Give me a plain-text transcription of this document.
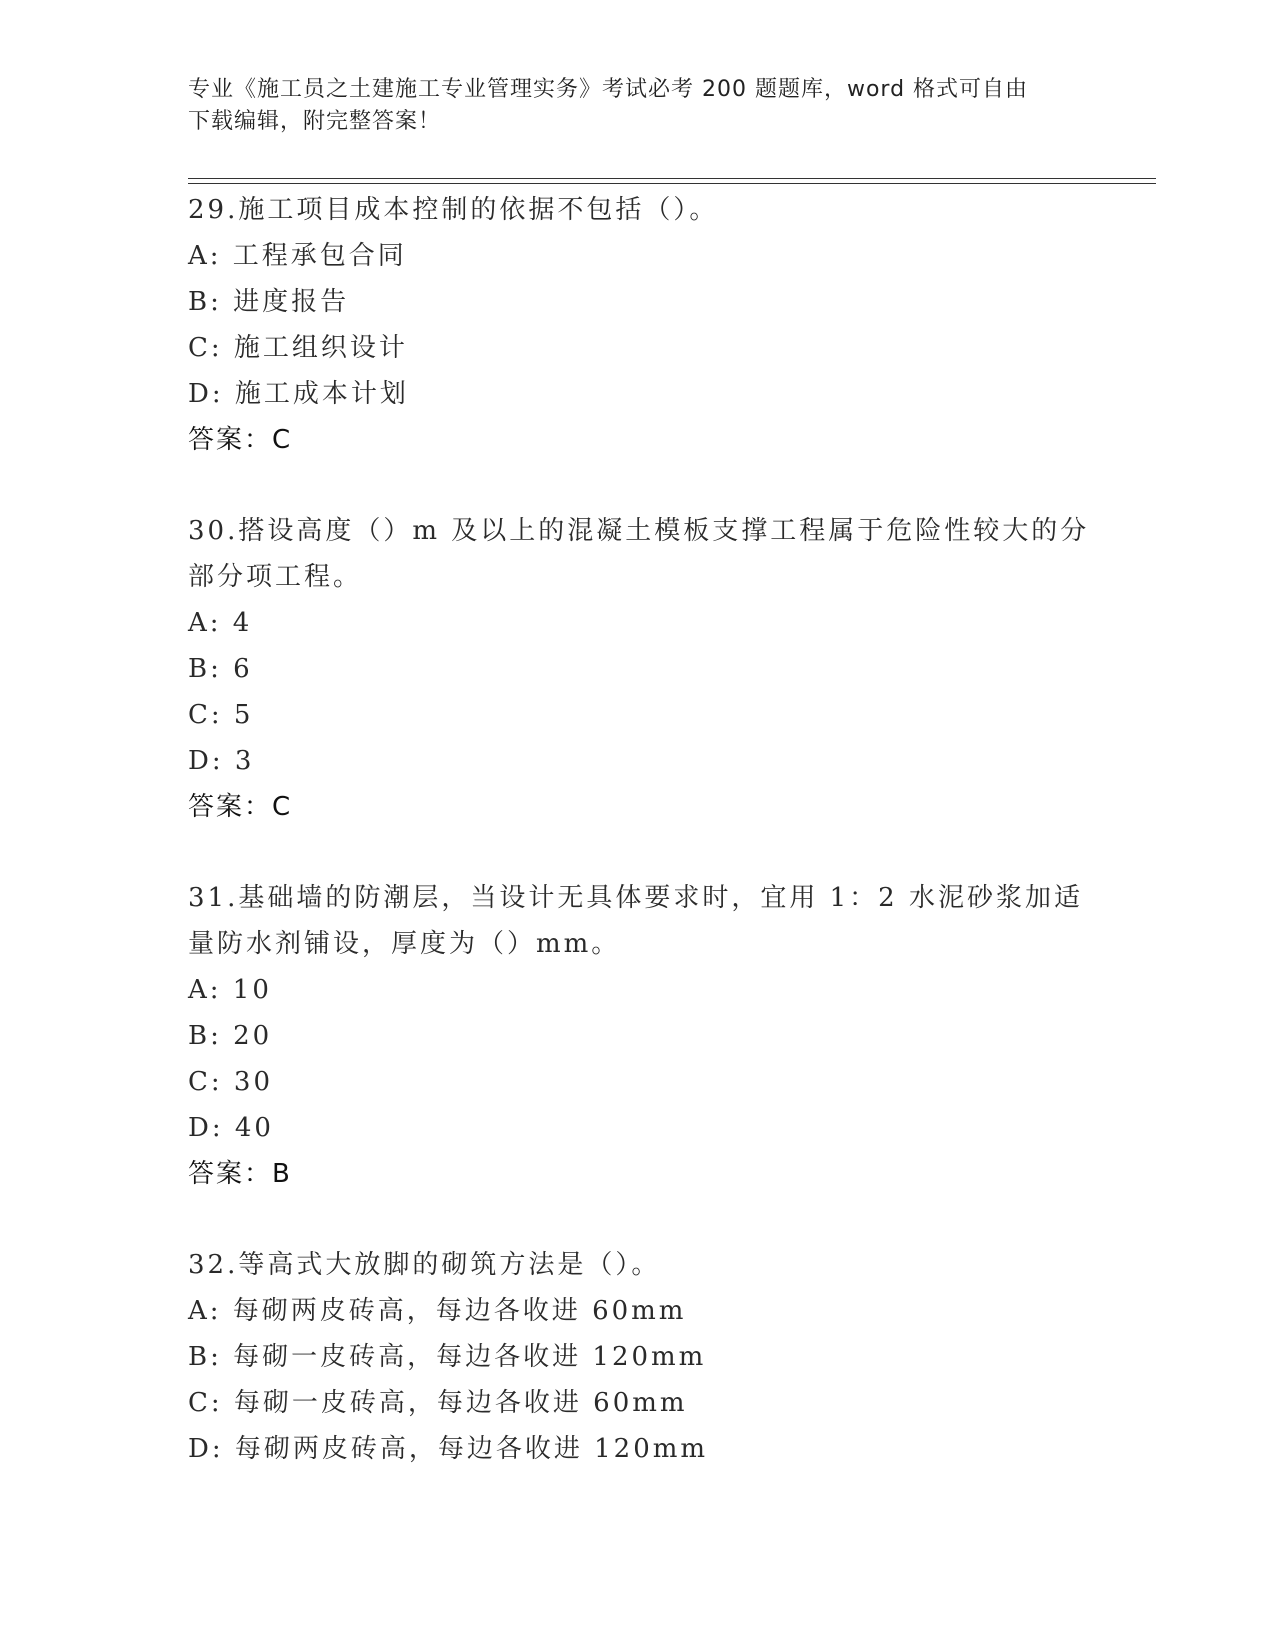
专业《施工员之土建施工专业管理实务》考试必考 200 题题库，word 格式可自由
下载编辑，附完整答案！
29.施工项目成本控制的依据不包括（）。
A: 工程承包合同
B: 进度报告
C: 施工组织设计
D: 施工成本计划
答案：C
30.搭设高度（）m 及以上的混凝土模板支撑工程属于危险性较大的分
部分项工程。
A: 4
B: 6
C: 5
D: 3
答案：C
31.基础墙的防潮层，当设计无具体要求时，宜用 1：2 水泥砂浆加适
量防水剂铺设，厚度为（）mm。
A: 10
B: 20
C: 30
D: 40
答案：B
32.等高式大放脚的砌筑方法是（）。
A: 每砌两皮砖高，每边各收进 60mm
B: 每砌一皮砖高，每边各收进 120mm
C: 每砌一皮砖高，每边各收进 60mm
D: 每砌两皮砖高，每边各收进 120mm
